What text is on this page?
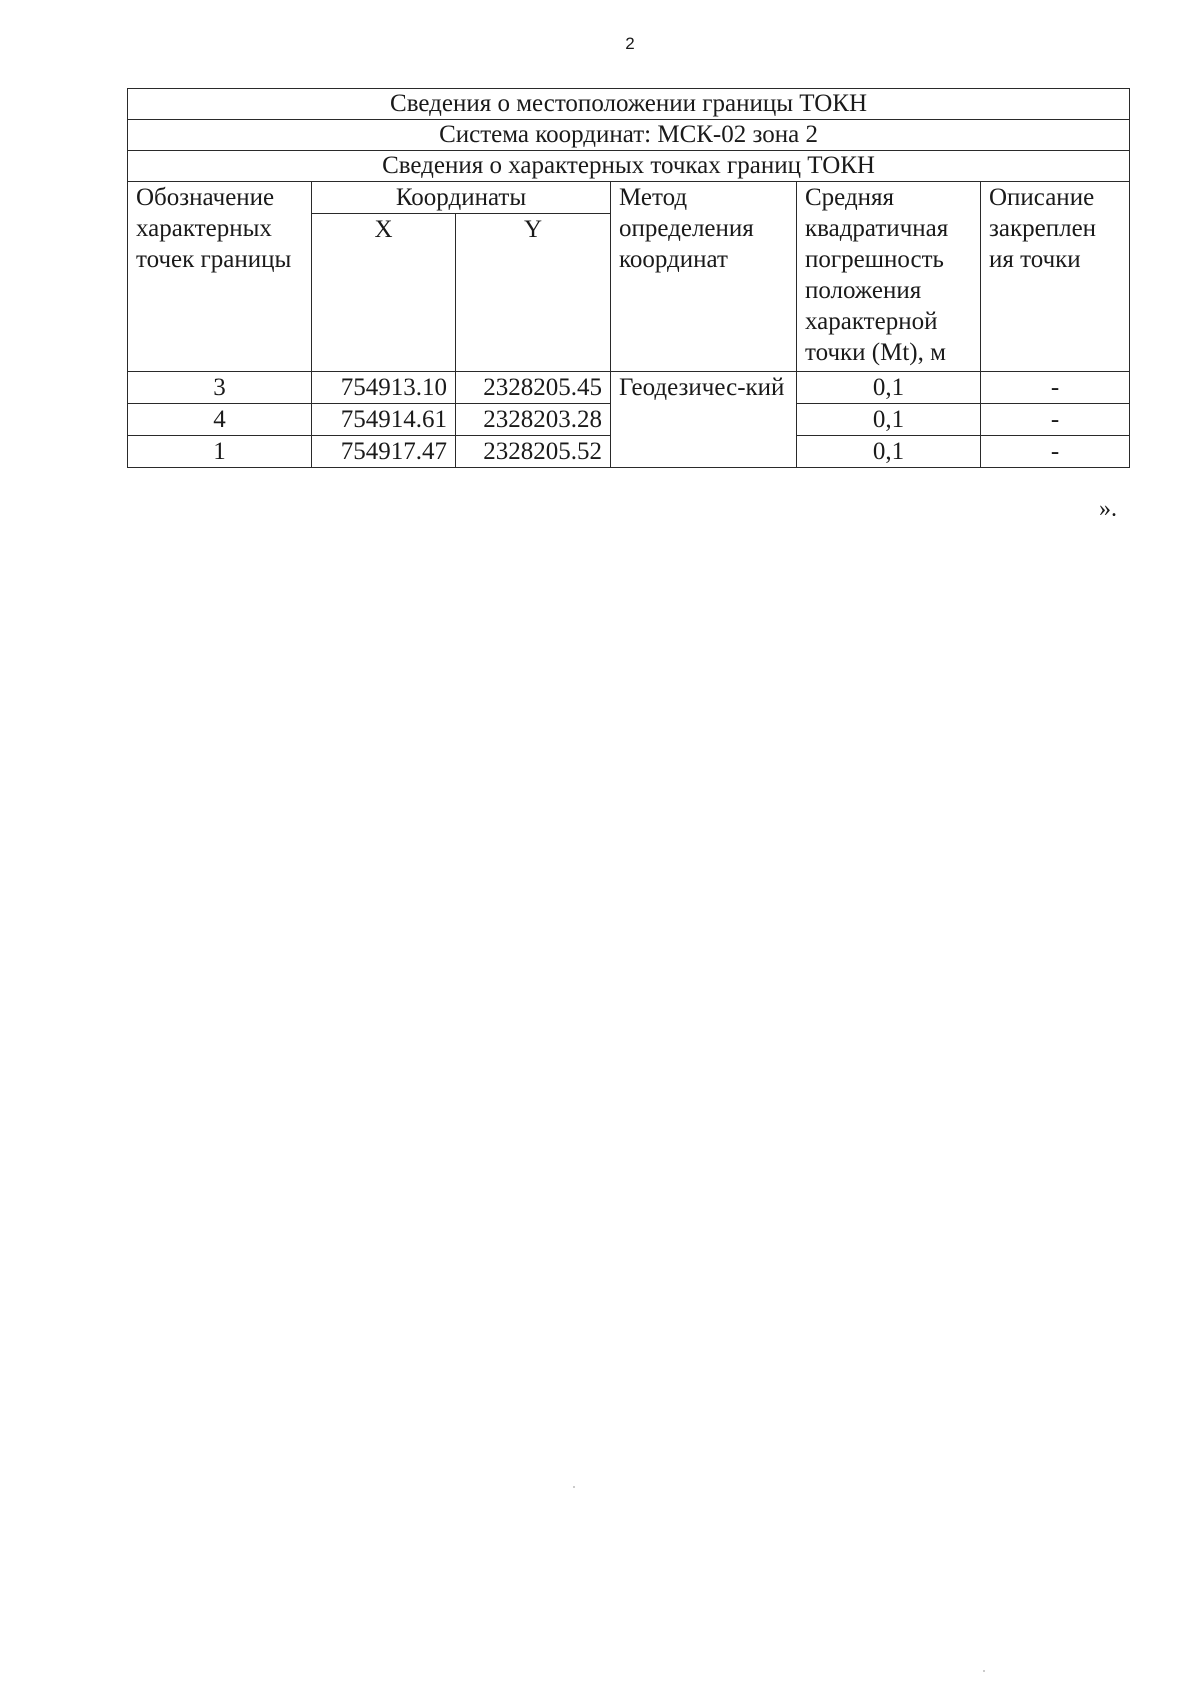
2
Сведения о местоположении границы ТОКН					
Система координат: МСК-02 зона 2					
Сведения о характерных точках границ ТОКН					
Обозначение характерных точек границы	Координаты		Метод определения координат	Средняя квадратичная погрешность положения характерной точки (Mt), м	Описание закреплен ия точки
	X	Y			
3	754913.10	2328205.45	Геодезичес-кий	0,1	-
4	754914.61	2328203.28		0,1	-
1	754917.47	2328205.52		0,1	-
».
